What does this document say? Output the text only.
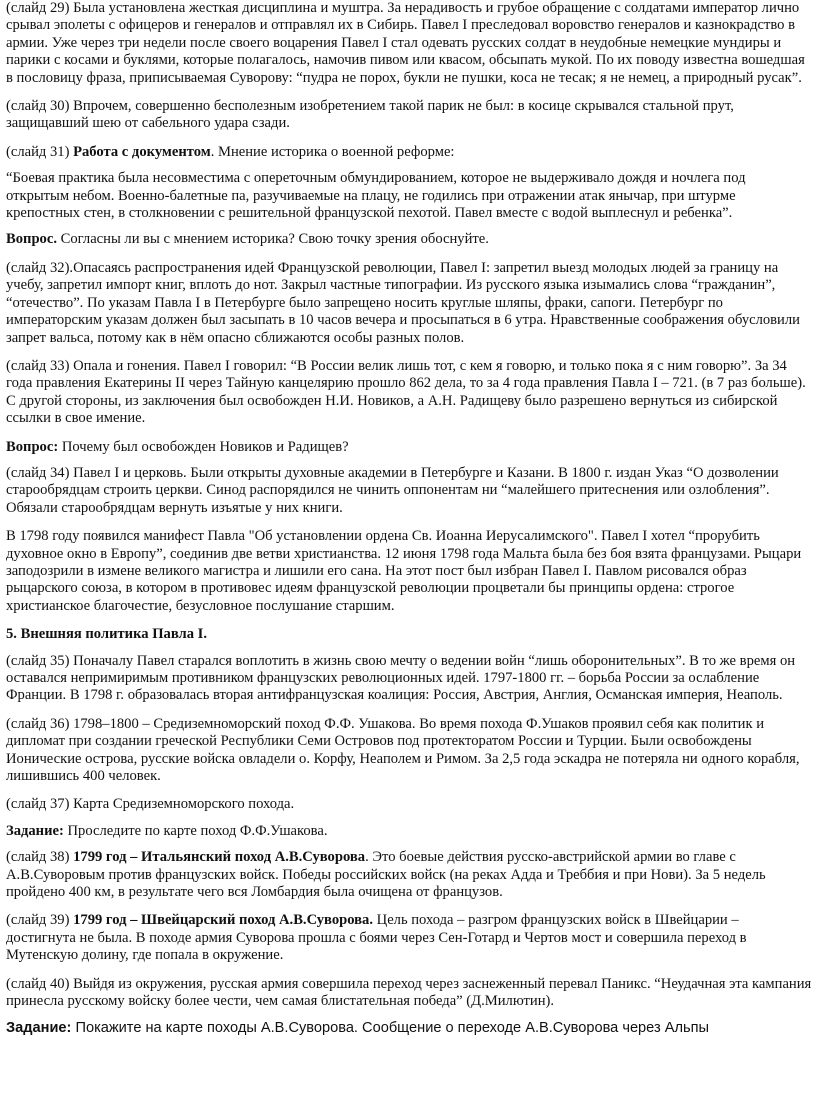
(слайд 29) Была установлена жесткая дисциплина и муштра. За нерадивость и грубое обращение с солдатами император лично срывал эполеты с офицеров и генералов и отправлял их в Сибирь. Павел I преследовал воровство генералов и казнокрадство в армии. Уже через три недели после своего воцарения Павел I стал одевать русских солдат в неудобные немецкие мундиры и парики с косами и буклями, которые полагалось, намочив пивом или квасом, обсыпать мукой. По их поводу известна вошедшая в пословицу фраза, приписываемая Суворову: “пудра не порох, букли не пушки, коса не тесак; я не немец, а природный русак”.

(слайд 30) Впрочем, совершенно бесполезным изобретением такой парик не был: в косице скрывался стальной прут, защищавший шею от сабельного удара сзади.

(слайд 31) Работа с документом. Мнение историка о военной реформе:

“Боевая практика была несовместима с опереточным обмундированием, которое не выдерживало дождя и ночлега под открытым небом. Военно-балетные па, разучиваемые на плацу, не годились при отражении атак янычар, при штурме крепостных стен, в столкновении с решительной французской пехотой. Павел вместе с водой выплеснул и ребенка”.

Вопрос. Согласны ли вы с мнением историка? Свою точку зрения обоснуйте.

(слайд 32).Опасаясь распространения идей Французской революции, Павел I: запретил выезд молодых людей за границу на учебу, запретил импорт книг, вплоть до нот. Закрыл частные типографии. Из русского языка изымались слова “гражданин”, “отечество”. По указам Павла I в Петербурге было запрещено носить круглые шляпы, фраки, сапоги. Петербург по императорским указам должен был засыпать в 10 часов вечера и просыпаться в 6 утра. Нравственные соображения обусловили запрет вальса, потому как в нём опасно сближаются особы разных полов.

(слайд 33) Опала и гонения. Павел I говорил: “В России велик лишь тот, с кем я говорю, и только пока я с ним говорю”. За 34 года правления Екатерины II через Тайную канцелярию прошло 862 дела, то за 4 года правления Павла I – 721. (в 7 раз больше). С другой стороны, из заключения был освобожден Н.И. Новиков, а А.Н. Радищеву было разрешено вернуться из сибирской ссылки в свое имение.

Вопрос: Почему был освобожден Новиков и Радищев?

(слайд 34) Павел I и церковь. Были открыты духовные академии в Петербурге и Казани. В 1800 г. издан Указ “О дозволении старообрядцам строить церкви. Синод распорядился не чинить оппонентам ни “малейшего притеснения или озлобления”. Обязали старообрядцам вернуть изъятые у них книги.

В 1798 году появился манифест Павла "Об установлении ордена Св. Иоанна Иерусалимского". Павел I хотел “прорубить духовное окно в Европу”, соединив две ветви христианства. 12 июня 1798 года Мальта была без боя взята французами. Рыцари заподозрили в измене великого магистра и лишили его сана. На этот пост был избран Павел I. Павлом рисовался образ рыцарского союза, в котором в противовес идеям французской революции процветали бы принципы ордена: строгое христианское благочестие, безусловное послушание старшим.

5. Внешняя политика Павла I.

(слайд 35) Поначалу Павел старался воплотить в жизнь свою мечту о ведении войн “лишь оборонительных”. В то же время он оставался непримиримым противником французских революционных идей. 1797-1800 гг. – борьба России за ослабление Франции. В 1798 г. образовалась вторая антифранцузская коалиция: Россия, Австрия, Англия, Османская империя, Неаполь.

(слайд 36) 1798–1800 – Средиземноморский поход Ф.Ф. Ушакова. Во время похода Ф.Ушаков проявил себя как политик и дипломат при создании греческой Республики Семи Островов под протекторатом России и Турции. Были освобождены Ионические острова, русские войска овладели о. Корфу, Неаполем и Римом. За 2,5 года эскадра не потеряла ни одного корабля, лишившись 400 человек.

(слайд 37) Карта Средиземноморского похода.

Задание: Проследите по карте поход Ф.Ф.Ушакова.

(слайд 38) 1799 год – Итальянский поход А.В.Суворова. Это боевые действия русско-австрийской армии во главе с А.В.Суворовым против французских войск. Победы российских войск (на реках Адда и Треббия и при Нови). За 5 недель пройдено 400 км, в результате чего вся Ломбардия была очищена от французов.

(слайд 39) 1799 год – Швейцарский поход А.В.Суворова. Цель похода – разгром французских войск в Швейцарии – достигнута не была. В походе армия Суворова прошла с боями через Сен-Готард и Чертов мост и совершила переход в Мутенскую долину, где попала в окружение.

(слайд 40) Выйдя из окружения, русская армия совершила переход через заснеженный перевал Паникс. “Неудачная эта кампания принесла русскому войску более чести, чем самая блистательная победа” (Д.Милютин).

Задание: Покажите на карте походы А.В.Суворова. Сообщение о переходе А.В.Суворова через Альпы
